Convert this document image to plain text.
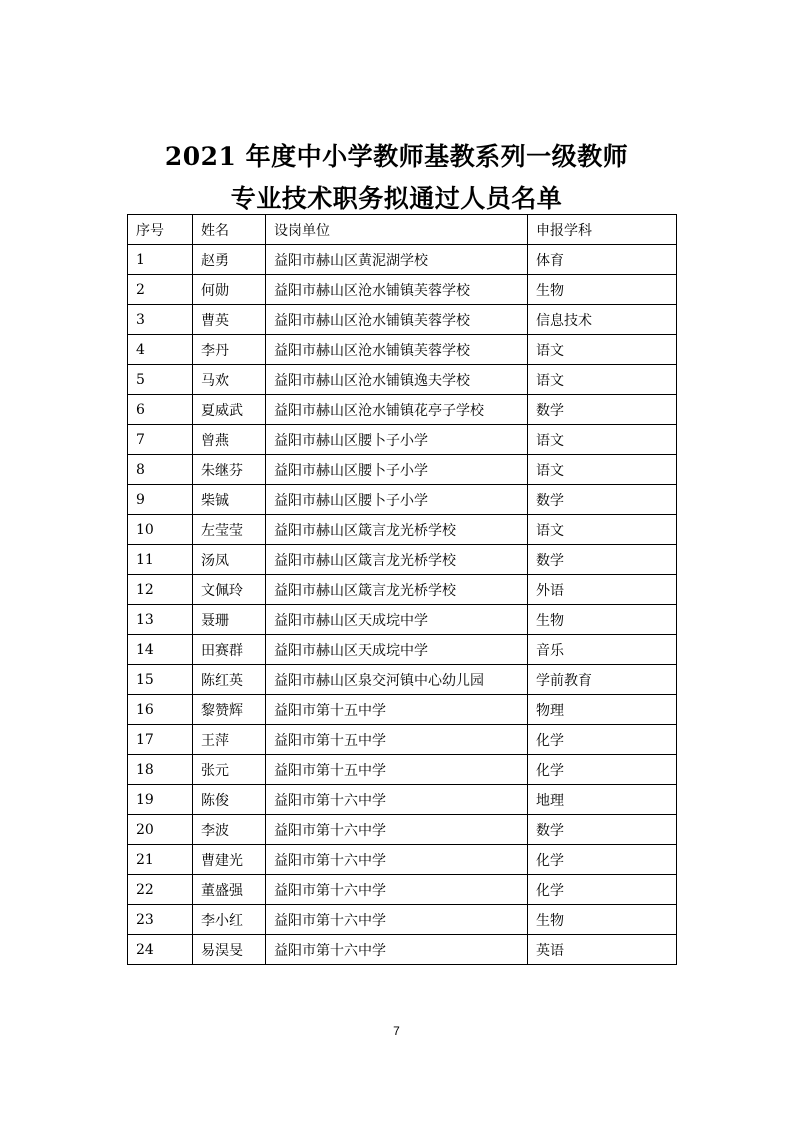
2021 年度中小学教师基教系列一级教师
专业技术职务拟通过人员名单
序号	姓名	设岗单位	申报学科
1	赵勇	益阳市赫山区黄泥湖学校	体育
2	何勋	益阳市赫山区沧水铺镇芙蓉学校	生物
3	曹英	益阳市赫山区沧水铺镇芙蓉学校	信息技术
4	李丹	益阳市赫山区沧水铺镇芙蓉学校	语文
5	马欢	益阳市赫山区沧水铺镇逸夫学校	语文
6	夏威武	益阳市赫山区沧水铺镇花亭子学校	数学
7	曾燕	益阳市赫山区腰卜子小学	语文
8	朱继芬	益阳市赫山区腰卜子小学	语文
9	柴铖	益阳市赫山区腰卜子小学	数学
10	左莹莹	益阳市赫山区箴言龙光桥学校	语文
11	汤凤	益阳市赫山区箴言龙光桥学校	数学
12	文佩玲	益阳市赫山区箴言龙光桥学校	外语
13	聂珊	益阳市赫山区天成垸中学	生物
14	田赛群	益阳市赫山区天成垸中学	音乐
15	陈红英	益阳市赫山区泉交河镇中心幼儿园	学前教育
16	黎赞辉	益阳市第十五中学	物理
17	王萍	益阳市第十五中学	化学
18	张元	益阳市第十五中学	化学
19	陈俊	益阳市第十六中学	地理
20	李波	益阳市第十六中学	数学
21	曹建光	益阳市第十六中学	化学
22	董盛强	益阳市第十六中学	化学
23	李小红	益阳市第十六中学	生物
24	易淏旻	益阳市第十六中学	英语
7
